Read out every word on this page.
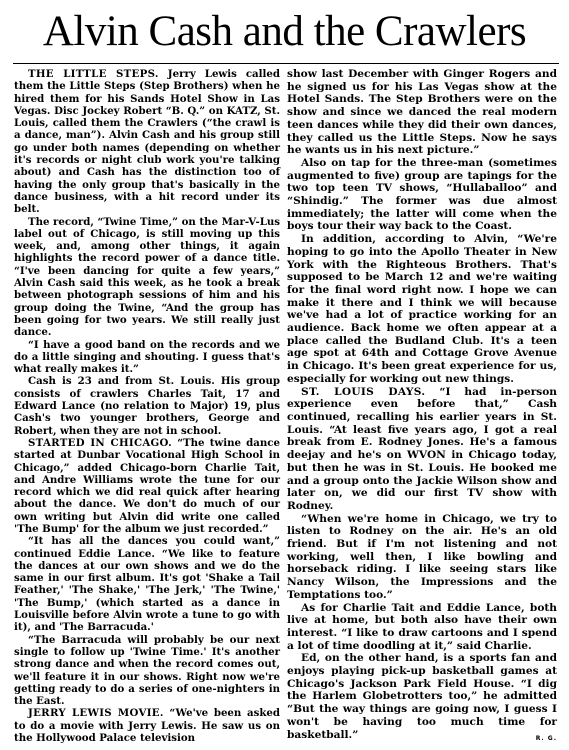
Alvin Cash and the Crawlers

THE LITTLE STEPS. Jerry Lewis called them the Little Steps (Step Brothers) when he hired them for his Sands Hotel Show in Las Vegas. Disc Jockey Robert “B. Q.” on KATZ, St. Louis, called them the Crawlers (“the crawl is a dance, man”). Alvin Cash and his group still go under both names (depending on whether it's records or night club work you're talking about) and Cash has the distinction too of having the only group that's basically in the dance business, with a hit record under its belt.

The record, “Twine Time,” on the Mar-V-Lus label out of Chicago, is still moving up this week, and, among other things, it again highlights the record power of a dance title. “I've been dancing for quite a few years,” Alvin Cash said this week, as he took a break between photograph sessions of him and his group doing the Twine, “And the group has been going for two years. We still really just dance.

“I have a good band on the records and we do a little singing and shouting. I guess that's what really makes it.”

Cash is 23 and from St. Louis. His group consists of crawlers Charles Tait, 17 and Edward Lance (no relation to Major) 19, plus Cash's two younger brothers, George and Robert, when they are not in school.

STARTED IN CHICAGO. “The twine dance started at Dunbar Vocational High School in Chicago,” added Chicago-born Charlie Tait, and Andre Williams wrote the tune for our record which we did real quick after hearing about the dance. We don't do much of our own writing but Alvin did write one called 'The Bump' for the album we just recorded.”

“It has all the dances you could want,” continued Eddie Lance. “We like to feature the dances at our own shows and we do the same in our first album. It's got 'Shake a Tail Feather,' 'The Shake,' 'The Jerk,' 'The Twine,' 'The Bump,' (which started as a dance in Louisville before Alvin wrote a tune to go with it), and 'The Barracuda.'

“The Barracuda will probably be our next single to follow up 'Twine Time.' It's another strong dance and when the record comes out, we'll feature it in our shows. Right now we're getting ready to do a series of one-nighters in the East.

JERRY LEWIS MOVIE. “We've been asked to do a movie with Jerry Lewis. He saw us on the Hollywood Palace television

show last December with Ginger Rogers and he signed us for his Las Vegas show at the Hotel Sands. The Step Brothers were on the show and since we danced the real modern teen dances while they did their own dances, they called us the Little Steps. Now he says he wants us in his next picture.”

Also on tap for the three-man (sometimes augmented to five) group are tapings for the two top teen TV shows, “Hullaballoo” and “Shindig.” The former was due almost immediately; the latter will come when the boys tour their way back to the Coast.

In addition, according to Alvin, “We're hoping to go into the Apollo Theater in New York with the Righteous Brothers. That's supposed to be March 12 and we're waiting for the final word right now. I hope we can make it there and I think we will because we've had a lot of practice working for an audience. Back home we often appear at a place called the Budland Club. It's a teen age spot at 64th and Cottage Grove Avenue in Chicago. It's been great experience for us, especially for working out new things.

ST. LOUIS DAYS. “I had in-person experience even before that,” Cash continued, recalling his earlier years in St. Louis. “At least five years ago, I got a real break from E. Rodney Jones. He's a famous deejay and he's on WVON in Chicago today, but then he was in St. Louis. He booked me and a group onto the Jackie Wilson show and later on, we did our first TV show with Rodney.

“When we're home in Chicago, we try to listen to Rodney on the air. He's an old friend. But if I'm not listening and not working, well then, I like bowling and horseback riding. I like seeing stars like Nancy Wilson, the Impressions and the Temptations too.”

As for Charlie Tait and Eddie Lance, both live at home, but both also have their own interest. “I like to draw cartoons and I spend a lot of time doodling at it,” said Charlie.

Ed, on the other hand, is a sports fan and enjoys playing pick-up basketball games at Chicago's Jackson Park Field House. “I dig the Harlem Globetrotters too,” he admitted “But the way things are going now, I guess I won't be having too much time for basketball.”	R. G.
